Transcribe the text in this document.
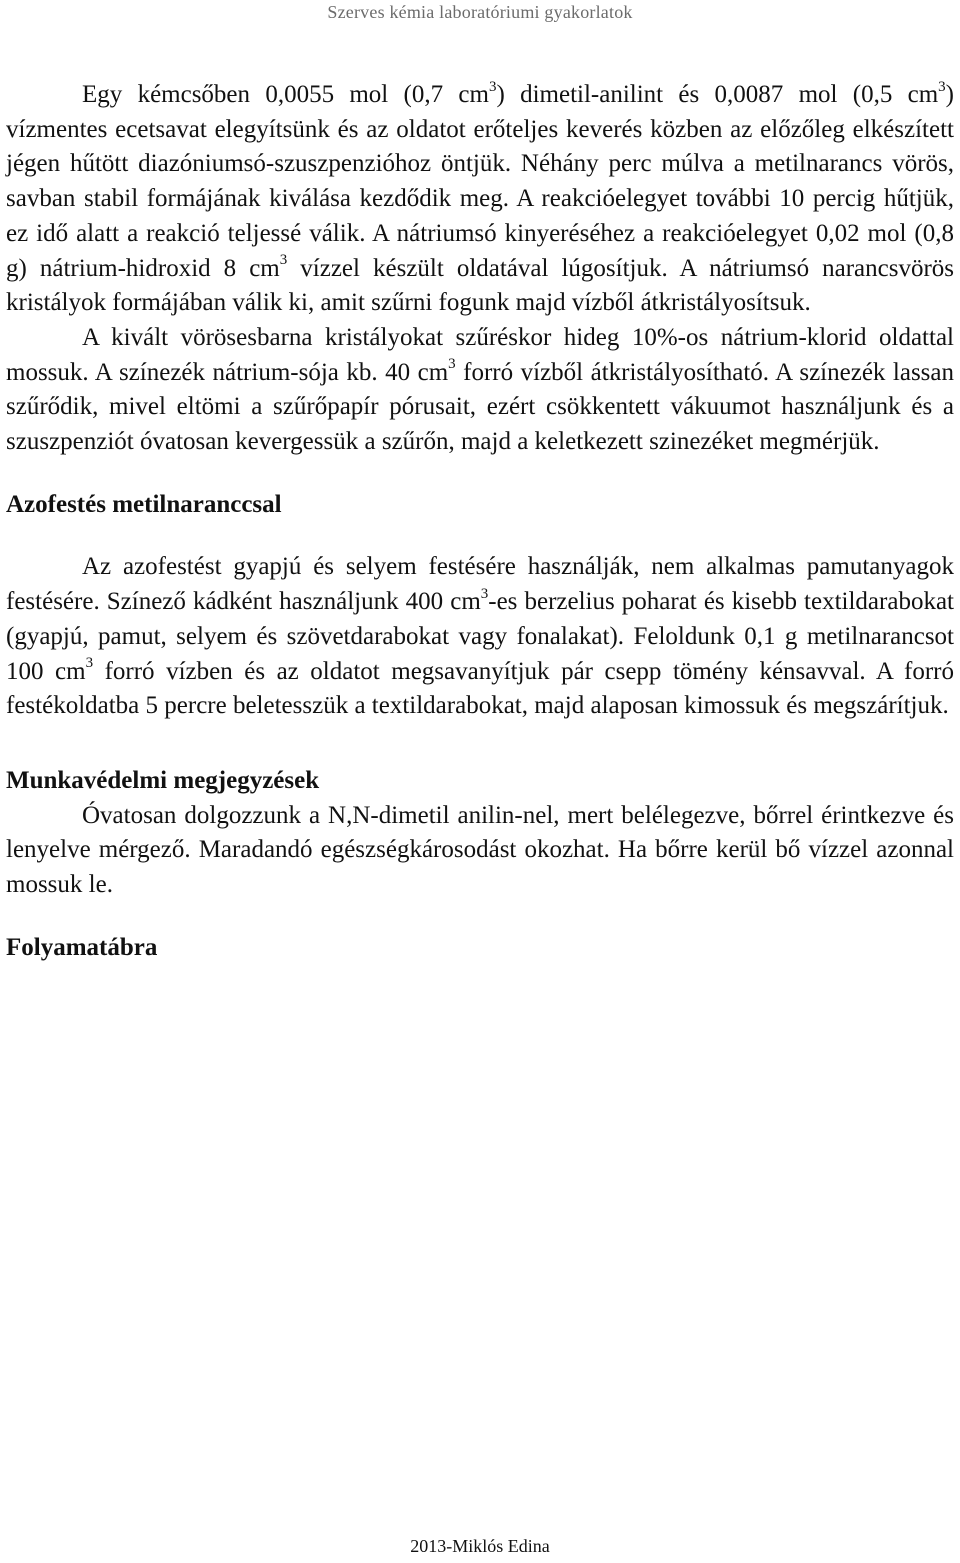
Szerves kémia laboratóriumi gyakorlatok

Egy kémcsőben 0,0055 mol (0,7 $cm^3$) dimetil-anilint és 0,0087 mol (0,5 $cm^3$) vízmentes ecetsavat elegyítsünk és az oldatot erőteljes keverés közben az előzőleg elkészített jégen hűtött diazóniumsó-szuszpenzióhoz öntjük. Néhány perc múlva a metilnarancs vörös, savban stabil formájának kiválása kezdődik meg. A reakcióelegyet további 10 percig hűtjük, ez idő alatt a reakció teljessé válik. A nátriumsó kinyeréséhez a reakcióelegyet 0,02 mol (0,8 g) nátrium-hidroxid 8 $cm^3$ vízzel készült oldatával lúgosítjuk. A nátriumsó narancsvörös kristályok formájában válik ki, amit szűrni fogunk majd vízből átkristályosítsuk.

A kivált vörösesbarna kristályokat szűréskor hideg 10%-os nátrium-klorid oldattal mossuk. A színezék nátrium-sója kb. 40 $cm^3$ forró vízből átkristályosítható. A színezék lassan szűrődik, mivel eltömi a szűrőpapír pórusait, ezért csökkentett vákuumot használjunk és a szuszpenziót óvatosan kevergessük a szűrőn, majd a keletkezett szinezéket megmérjük.

Azofestés metilnaranccsal

Az azofestést gyapjú és selyem festésére használják, nem alkalmas pamutanyagok festésére. Színező kádként használjunk 400 $cm^3-es$ berzelius poharat és kisebb textildarabokat (gyapjú, pamut, selyem és szövetdarabokat vagy fonalakat). Feloldunk 0,1 g metilnarancsot 100 $cm^3$ forró vízben és az oldatot megsavanyítjuk pár csepp tömény kénsavval. A forró festékoldatba 5 percre beletesszük a textildarabokat, majd alaposan kimossuk és megszárítjuk.

Munkavédelmi megjegyzések

Óvatosan dolgozzunk a N,N-dimetil anilin-nel, mert belélegezve, bőrrel érintkezve és lenyelve mérgező. Maradandó egészségkárosodást okozhat. Ha bőrre kerül bő vízzel azonnal mossuk le.

Folyamatábra
2013-Miklós Edina
